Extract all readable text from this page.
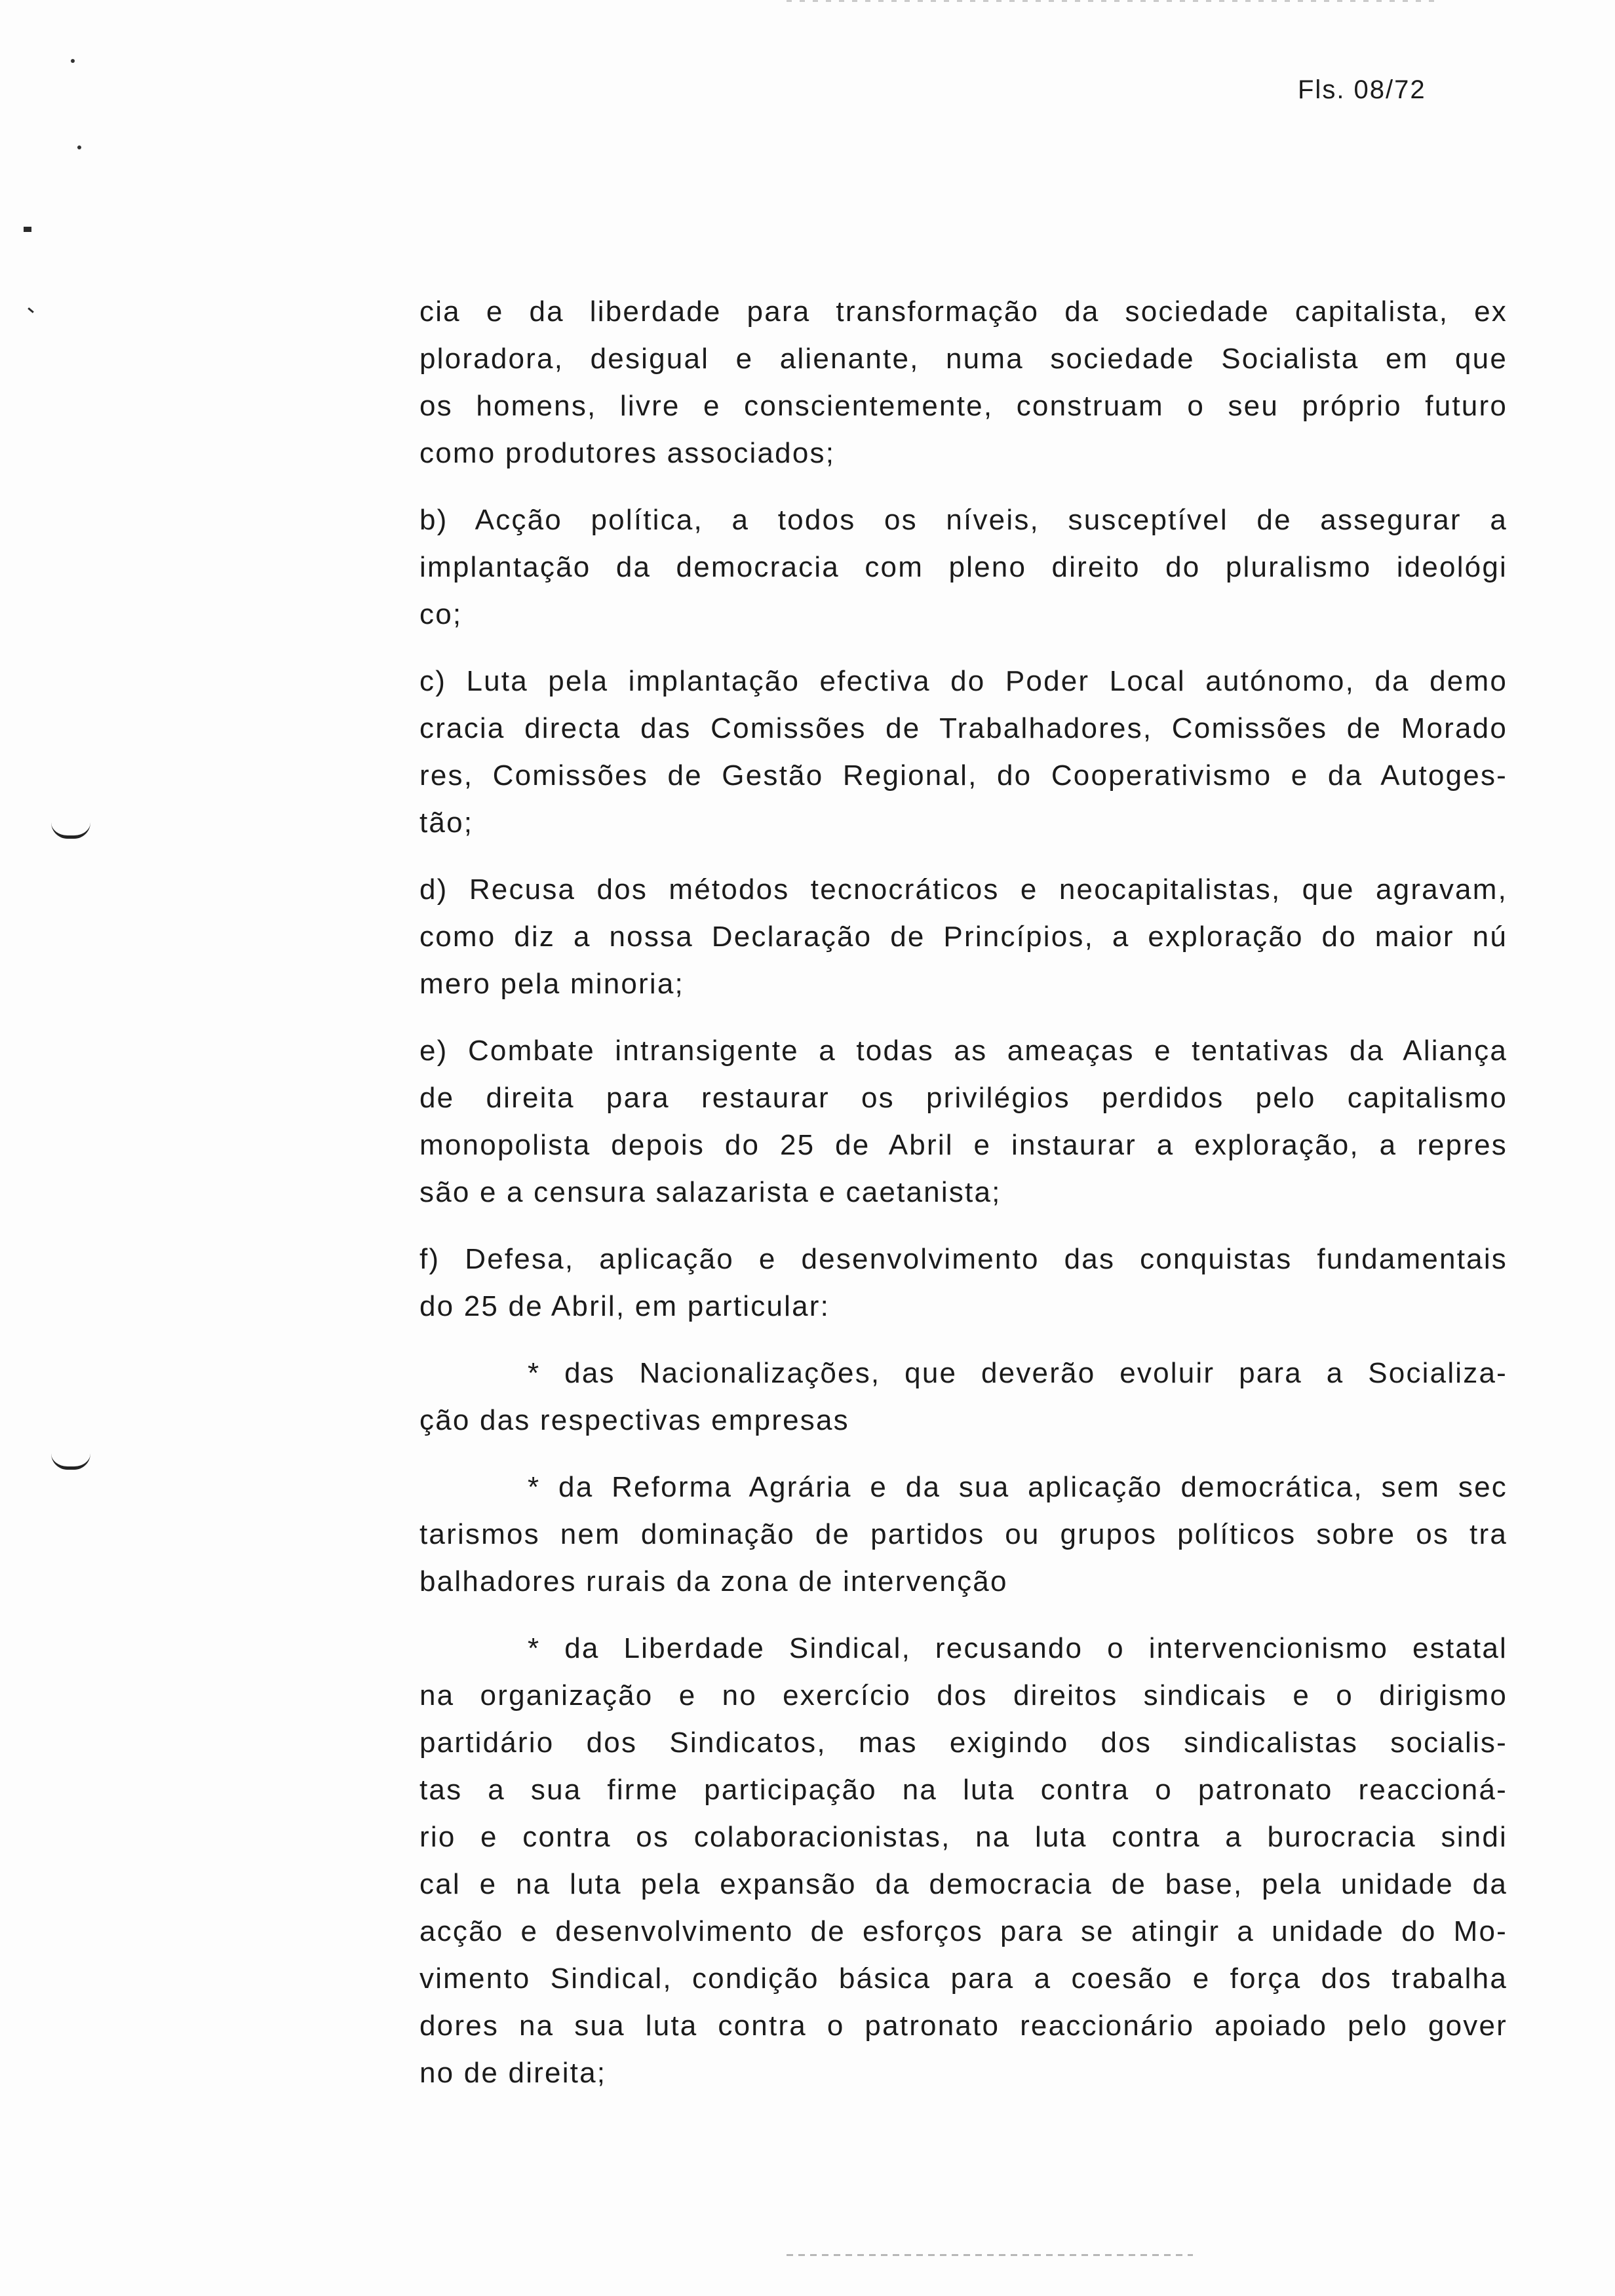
Fls. 08/72
cia e da liberdade para transformação da sociedade capitalista, ex
ploradora, desigual e alienante, numa sociedade Socialista em que
os homens, livre e conscientemente, construam o seu próprio futuro
como produtores associados;
b) Acção política, a todos os níveis, susceptível de assegurar a
implantação da democracia com pleno direito do pluralismo ideológi
co;
c) Luta pela implantação efectiva do Poder Local autónomo, da demo
cracia directa das Comissões de Trabalhadores, Comissões de Morado
res, Comissões de Gestão Regional, do Cooperativismo e da Autoges-
tão;
d) Recusa dos métodos tecnocráticos e neocapitalistas, que agravam,
como diz a nossa Declaração de Princípios, a exploração do maior nú
mero pela minoria;
e) Combate intransigente a todas as ameaças e tentativas da Aliança
de direita para restaurar os privilégios perdidos pelo capitalismo
monopolista depois do 25 de Abril e instaurar a exploração, a repres
são e a censura salazarista e caetanista;
f) Defesa, aplicação e desenvolvimento das conquistas fundamentais
do 25 de Abril, em particular:
* das Nacionalizações, que deverão evoluir para a Socializa-
ção das respectivas empresas
* da Reforma Agrária e da sua aplicação democrática, sem sec
tarismos nem dominação de partidos ou grupos políticos sobre os tra
balhadores rurais da zona de intervenção
* da Liberdade Sindical, recusando o intervencionismo estatal
na organização e no exercício dos direitos sindicais e o dirigismo
partidário dos Sindicatos, mas exigindo dos sindicalistas socialis-
tas a sua firme participação na luta contra o patronato reaccioná-
rio e contra os colaboracionistas, na luta contra a burocracia sindi
cal e na luta pela expansão da democracia de base, pela unidade da
acção e desenvolvimento de esforços para se atingir a unidade do Mo-
vimento Sindical, condição básica para a coesão e força dos trabalha
dores na sua luta contra o patronato reaccionário apoiado pelo gover
no de direita;
